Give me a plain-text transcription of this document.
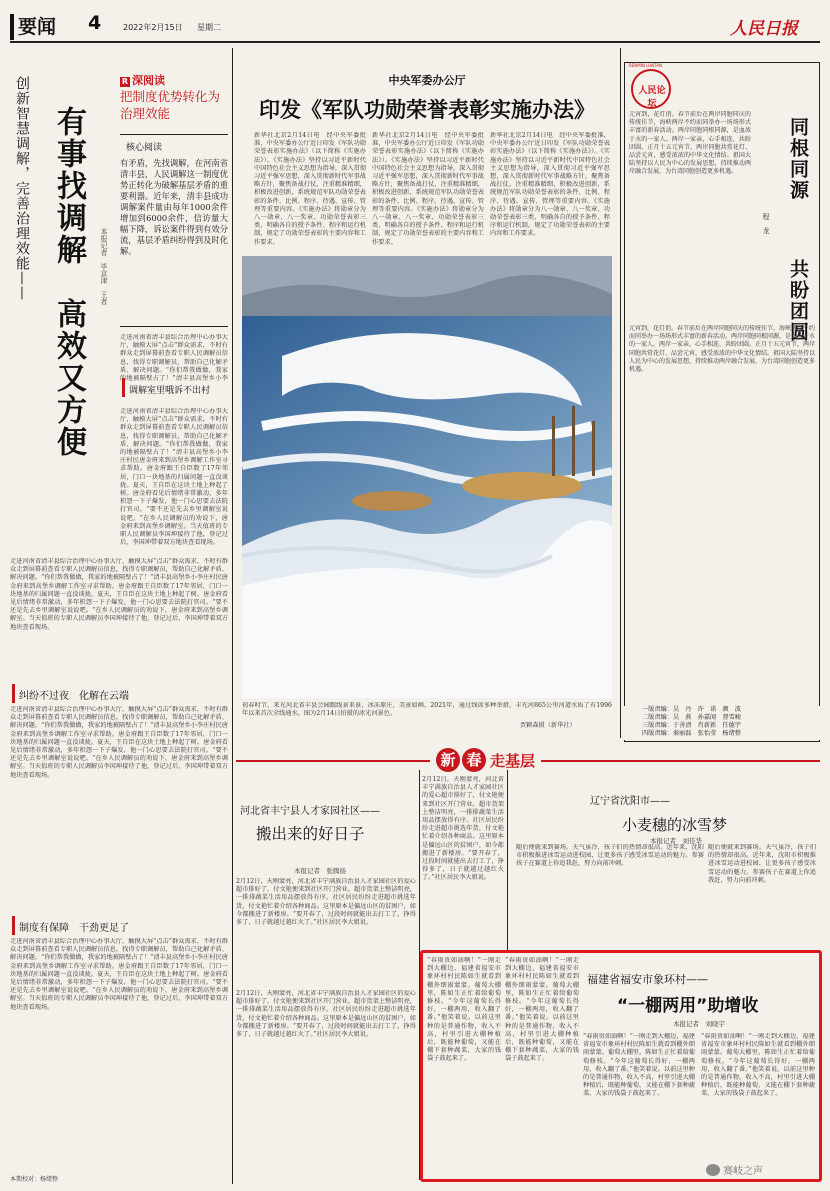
要闻 4	2022年2月15日 星期二	人民日报
创新智慧调解，完善治理效能—— 有事找调解
高效又方便
本报记者　毕京津　王者
R 深阅读
把制度优势转化为治理效能
核心阅读
有矛盾，先找调解，在河南省清丰县，人民调解这一制度优势正转化为破解基层矛盾的重要利器。近年来，清丰县成功调解案件量由每年1000余件增加到6000余件，信访量大幅下降，诉讼案件得到有效分流，基层矛盾纠纷得到及时化解。
走进河南省清丰县综合治理中心办事大厅，触摸大屏“点击”群众需求，不时有群众走到屏幕前查看专职人民调解员信息，找得专职调解员，帮助自己化解矛盾、解决问题。“你们帮我做做，我家的地被隔壁占了！”清丰县高堡乡小李
调解室里哦诉不出村
走进河南省清丰县综合治理中心办事大厅，触摸大屏“点击”群众需求，不时有群众走到屏幕前查看专职人民调解员信息，找得专职调解员，帮助自己化解矛盾、解决问题。“你们帮我做做，我家的地被隔壁占了！”清丰县高堡乡小李庄村民唐金府来到高堡乡调解工作室寻求帮助。唐金府跟王自臣数了17年邻居，门口一块地基的归属问题一直没谈拢。夏天，王自臣在这块土地上种起了树。唐金府看见后情绪非常激动，多年积怨一下子爆发，他一门心思要去法院打官司。“要不还是先去乡里调解室说说吧。“在乡人民调解员的劝说下，唐金府来到高堡乡调解室。当天值班的专职人民调解员李国坤接待了他，登记过后，李国坤带着双方地块查看现场。
走进河南省清丰县综合治理中心办事大厅，触摸大屏“点击”群众需求，不时有群众走到屏幕前查看专职人民调解员信息，找得专职调解员，帮助自己化解矛盾、解决问题。“你们帮我做做，我家的地被隔壁占了！”清丰县高堡乡小李庄村民唐金府来到高堡乡调解工作室寻求帮助。唐金府跟王自臣数了17年邻居，门口一块地基的归属问题一直没谈拢。夏天，王自臣在这块土地上种起了树。唐金府看见后情绪非常激动，多年积怨一下子爆发，他一门心思要去法院打官司。“要不还是先去乡里调解室说说吧。“在乡人民调解员的劝说下，唐金府来到高堡乡调解室。当天值班的专职人民调解员李国坤接待了他，登记过后，李国坤带着双方地块查看现场。
纠纷不过夜　化解在云端
走进河南省清丰县综合治理中心办事大厅，触摸大屏“点击”群众需求，不时有群众走到屏幕前查看专职人民调解员信息，找得专职调解员，帮助自己化解矛盾、解决问题。“你们帮我做做，我家的地被隔壁占了！”清丰县高堡乡小李庄村民唐金府来到高堡乡调解工作室寻求帮助。唐金府跟王自臣数了17年邻居，门口一块地基的归属问题一直没谈拢。夏天，王自臣在这块土地上种起了树。唐金府看见后情绪非常激动，多年积怨一下子爆发，他一门心思要去法院打官司。“要不还是先去乡里调解室说说吧。“在乡人民调解员的劝说下，唐金府来到高堡乡调解室。当天值班的专职人民调解员李国坤接待了他，登记过后，李国坤带着双方地块查看现场。
制度有保障　干劲更足了
走进河南省清丰县综合治理中心办事大厅，触摸大屏“点击”群众需求，不时有群众走到屏幕前查看专职人民调解员信息，找得专职调解员，帮助自己化解矛盾、解决问题。“你们帮我做做，我家的地被隔壁占了！”清丰县高堡乡小李庄村民唐金府来到高堡乡调解工作室寻求帮助。唐金府跟王自臣数了17年邻居，门口一块地基的归属问题一直没谈拢。夏天，王自臣在这块土地上种起了树。唐金府看见后情绪非常激动，多年积怨一下子爆发，他一门心思要去法院打官司。“要不还是先去乡里调解室说说吧。“在乡人民调解员的劝说下，唐金府来到高堡乡调解室。当天值班的专职人民调解员李国坤接待了他，登记过后，李国坤带着双方地块查看现场。
本期校对：杨绪整
中央军委办公厅
印发《军队功勋荣誉表彰实施办法》
新华社北京2月14日电　经中央军委批准，中央军委办公厅近日印发《军队功勋荣誉表彰实施办法》（以下简称《实施办法》）。《实施办法》坚持以习近平新时代中国特色社会主义思想为指导，深入贯彻习近平强军思想，深入贯彻新时代军事战略方针，聚焦备战打仗，注重精准精细，积极改进创新，系统规范军队功勋荣誉表彰的条件、比例、程序、待遇、宣传、管理等重要内容。《实施办法》将勋章分为八一勋章、八一奖章、功勋荣誉表彰三类，明确各自的授予条件、程序和运行机制，规定了功勋荣誉表彰的主要内容和工作要求。
新华社北京2月14日电　经中央军委批准，中央军委办公厅近日印发《军队功勋荣誉表彰实施办法》（以下简称《实施办法》）。《实施办法》坚持以习近平新时代中国特色社会主义思想为指导，深入贯彻习近平强军思想，深入贯彻新时代军事战略方针，聚焦备战打仗，注重精准精细，积极改进创新，系统规范军队功勋荣誉表彰的条件、比例、程序、待遇、宣传、管理等重要内容。《实施办法》将勋章分为八一勋章、八一奖章、功勋荣誉表彰三类，明确各自的授予条件、程序和运行机制，规定了功勋荣誉表彰的主要内容和工作要求。
新华社北京2月14日电　经中央军委批准，中央军委办公厅近日印发《军队功勋荣誉表彰实施办法》（以下简称《实施办法》）。《实施办法》坚持以习近平新时代中国特色社会主义思想为指导，深入贯彻习近平强军思想，深入贯彻新时代军事战略方针，聚焦备战打仗，注重精准精细，积极改进创新，系统规范军队功勋荣誉表彰的条件、比例、程序、待遇、宣传、管理等重要内容。《实施办法》将勋章分为八一勋章、八一奖章、功勋荣誉表彰三类，明确各自的授予条件、程序和运行机制，规定了功勋荣誉表彰的主要内容和工作要求。
初春时节，来光河北省丰县会园跟线景来景，冰冻原庄，美景如画。2021年，通过线席多种举措，丰光河865公里河道水质了有1996年以来首次全线通水。图为2月14日拍摄的冰光河景色。
贾颖森摄（新华社）
RENMIN LUNTAN
人民论坛
元宵到，花灯俏。春节前后在两岸同胞同庆的传统佳节，海峡两岸不约而同举办一场场形式丰富的新春活动。两岸同胞同根同源，是血浓于水的一家人。两岸一家亲，心手相连，共盼团圆。正月十五元宵节，两岸同胞共赏花灯、品尝元宵，感受浓浓的中华文化情结。祖国大陆坚持以人民为中心的发展思想，持续推动两岸融合发展，为台湾同胞创造更多机遇。
程　龙
同根同源
共盼团圆
元宵到，花灯俏。春节前后在两岸同胞同庆的传统佳节，海峡两岸不约而同举办一场场形式丰富的新春活动。两岸同胞同根同源，是血浓于水的一家人。两岸一家亲，心手相连，共盼团圆。正月十五元宵节，两岸同胞共赏花灯、品尝元宵，感受浓浓的中华文化情结。祖国大陆坚持以人民为中心的发展思想，持续推动两岸融合发展，为台湾同胞创造更多机遇。
一版责编：吴　丹　许　诺　颜　波
二版责编：吴　燕　孙嘉闻　督雪峻
三版责编：于善清　肖新新　任德宇
四版责编：秦丽磊　张怡莹　杨绪整
新 春 走基层
河北省丰宁县人才家园社区——
搬出来的好日子
本报记者　张腾扬
2月12日，天刚蒙亮，河北省丰宁满族自治县人才家园社区的爱心超市排好了，付文艳便来到社区开门营业。超市货架上整洁明亮，一排排蔬菜生活用品摆放得有序。社区居民纷纷走进超市挑选年货，付文艳忙着介绍各种商品。这里原本是偏远山区的贫困户，如今都搬进了新楼房。“要开春了，过段时间就能出去打工了，挣得多了，日子就越过越红火了。”社区居民李大姐说。
2月12日，天刚蒙亮，河北省丰宁满族自治县人才家园社区的爱心超市排好了，付文艳便来到社区开门营业。超市货架上整洁明亮，一排排蔬菜生活用品摆放得有序。社区居民纷纷走进超市挑选年货，付文艳忙着介绍各种商品。这里原本是偏远山区的贫困户，如今都搬进了新楼房。“要开春了，过段时间就能出去打工了，挣得多了，日子就越过越红火了。”社区居民李大姐说。
2月12日，天刚蒙亮，河北省丰宁满族自治县人才家园社区的爱心超市排好了，付文艳便来到社区开门营业。超市货架上整洁明亮，一排排蔬菜生活用品摆放得有序。社区居民纷纷走进超市挑选年货，付文艳忙着介绍各种商品。这里原本是偏远山区的贫困户，如今都搬进了新楼房。“要开春了，过段时间就能出去打工了，挣得多了，日子就越过越红火了。”社区居民李大姐说。
辽宁省沈阳市——
小麦穗的冰雪梦
本报记者　刘佳华
随后便就来到赛场。天气虽冷，孩子们的热情却很高。近年来，沈阳市积极推进冰雪运动进校园，让更多孩子感受冰雪运动的魅力。参赛孩子在赛道上你追我赶，努力向前冲刺。
随后便就来到赛场。天气虽冷，孩子们的热情却很高。近年来，沈阳市积极推进冰雪运动进校园，让更多孩子感受冰雪运动的魅力。参赛孩子在赛道上你追我赶，努力向前冲刺。
“春雨贵如油啊！”一刚走到大棚边，福建省福安市象环村村民陈如生就看到棚外细雨蒙蒙。葡萄大棚里，陈如生正忙着给葡萄修枝。“今年这葡萄长得好，一棚两用，收入翻了番。”他笑着说。以前这里种的是普通作物，收入不高，村里引进大棚种植后，既能种葡萄，又能在棚下套种蔬菜，大家的钱袋子鼓起来了。
“春雨贵如油啊！”一刚走到大棚边，福建省福安市象环村村民陈如生就看到棚外细雨蒙蒙。葡萄大棚里，陈如生正忙着给葡萄修枝。“今年这葡萄长得好，一棚两用，收入翻了番。”他笑着说。以前这里种的是普通作物，收入不高，村里引进大棚种植后，既能种葡萄，又能在棚下套种蔬菜，大家的钱袋子鼓起来了。
福建省福安市象环村——
“一棚两用”助增收
本报记者　刘晓宇
“春雨贵如油啊！”一刚走到大棚边，福建省福安市象环村村民陈如生就看到棚外细雨蒙蒙。葡萄大棚里，陈如生正忙着给葡萄修枝。“今年这葡萄长得好，一棚两用，收入翻了番。”他笑着说。以前这里种的是普通作物，收入不高，村里引进大棚种植后，既能种葡萄，又能在棚下套种蔬菜，大家的钱袋子鼓起来了。
“春雨贵如油啊！”一刚走到大棚边，福建省福安市象环村村民陈如生就看到棚外细雨蒙蒙。葡萄大棚里，陈如生正忙着给葡萄修枝。“今年这葡萄长得好，一棚两用，收入翻了番。”他笑着说。以前这里种的是普通作物，收入不高，村里引进大棚种植后，既能种葡萄，又能在棚下套种蔬菜，大家的钱袋子鼓起来了。
赛岐之声
